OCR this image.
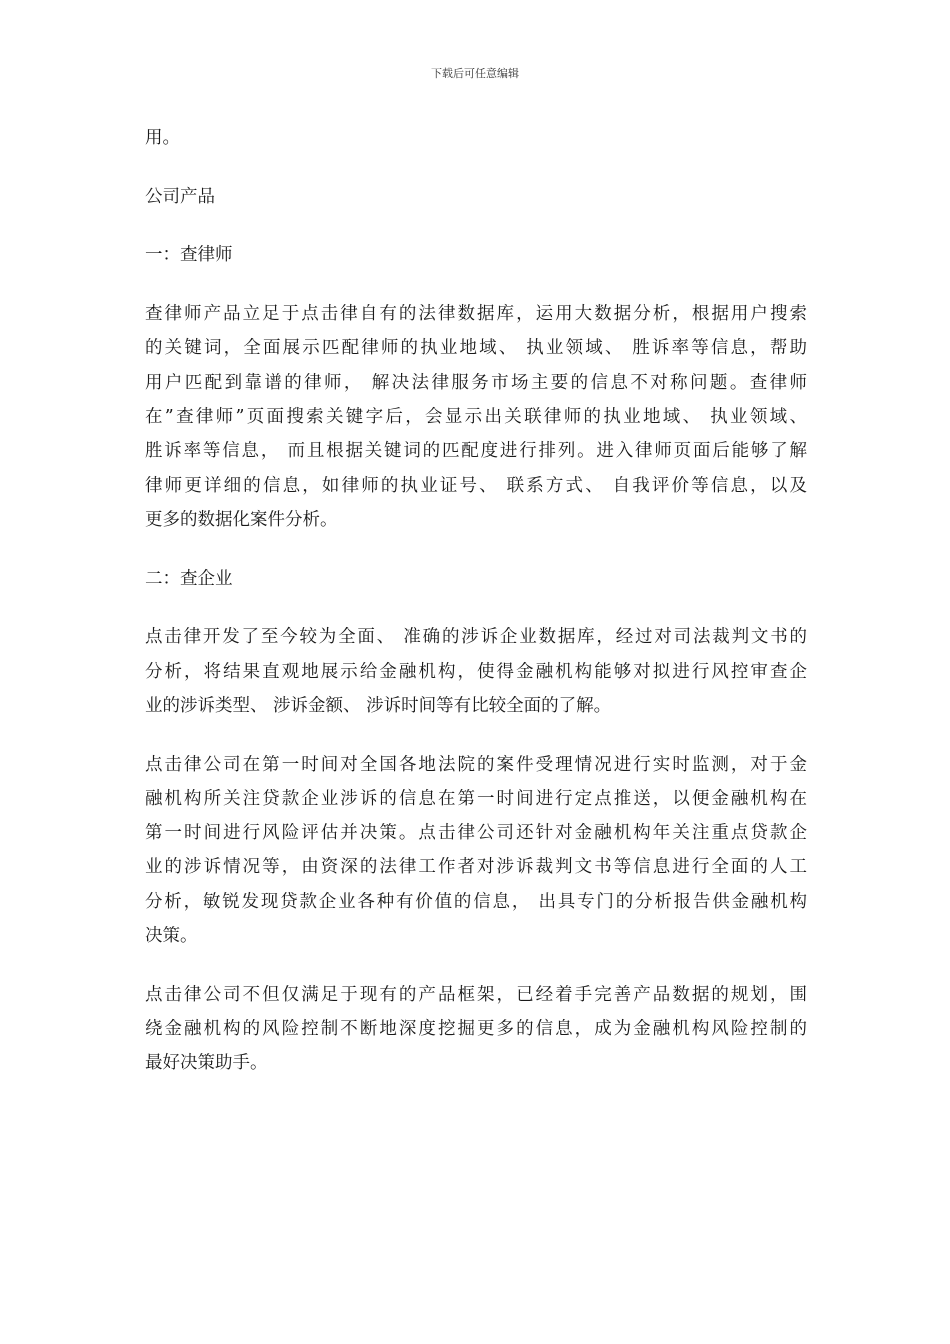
下载后可任意编辑

用。

公司产品

一：查律师

查律师产品立足于点击律自有的法律数据库，运用大数据分析，根据用户搜索

的关键词，全面展示匹配律师的执业地域、 执业领域、 胜诉率等信息，帮助

用户匹配到靠谱的律师， 解决法律服务市场主要的信息不对称问题。查律师

在”查律师”页面搜索关键字后，会显示出关联律师的执业地域、 执业领域、

胜诉率等信息， 而且根据关键词的匹配度进行排列。进入律师页面后能够了解

律师更详细的信息，如律师的执业证号、 联系方式、 自我评价等信息，以及

更多的数据化案件分析。

二：查企业

点击律开发了至今较为全面、 准确的涉诉企业数据库，经过对司法裁判文书的

分析，将结果直观地展示给金融机构，使得金融机构能够对拟进行风控审查企

业的涉诉类型、 涉诉金额、 涉诉时间等有比较全面的了解。

点击律公司在第一时间对全国各地法院的案件受理情况进行实时监测，对于金

融机构所关注贷款企业涉诉的信息在第一时间进行定点推送，以便金融机构在

第一时间进行风险评估并决策。点击律公司还针对金融机构年关注重点贷款企

业的涉诉情况等，由资深的法律工作者对涉诉裁判文书等信息进行全面的人工

分析，敏锐发现贷款企业各种有价值的信息， 出具专门的分析报告供金融机构

决策。

点击律公司不但仅满足于现有的产品框架，已经着手完善产品数据的规划，围

绕金融机构的风险控制不断地深度挖掘更多的信息，成为金融机构风险控制的

最好决策助手。
